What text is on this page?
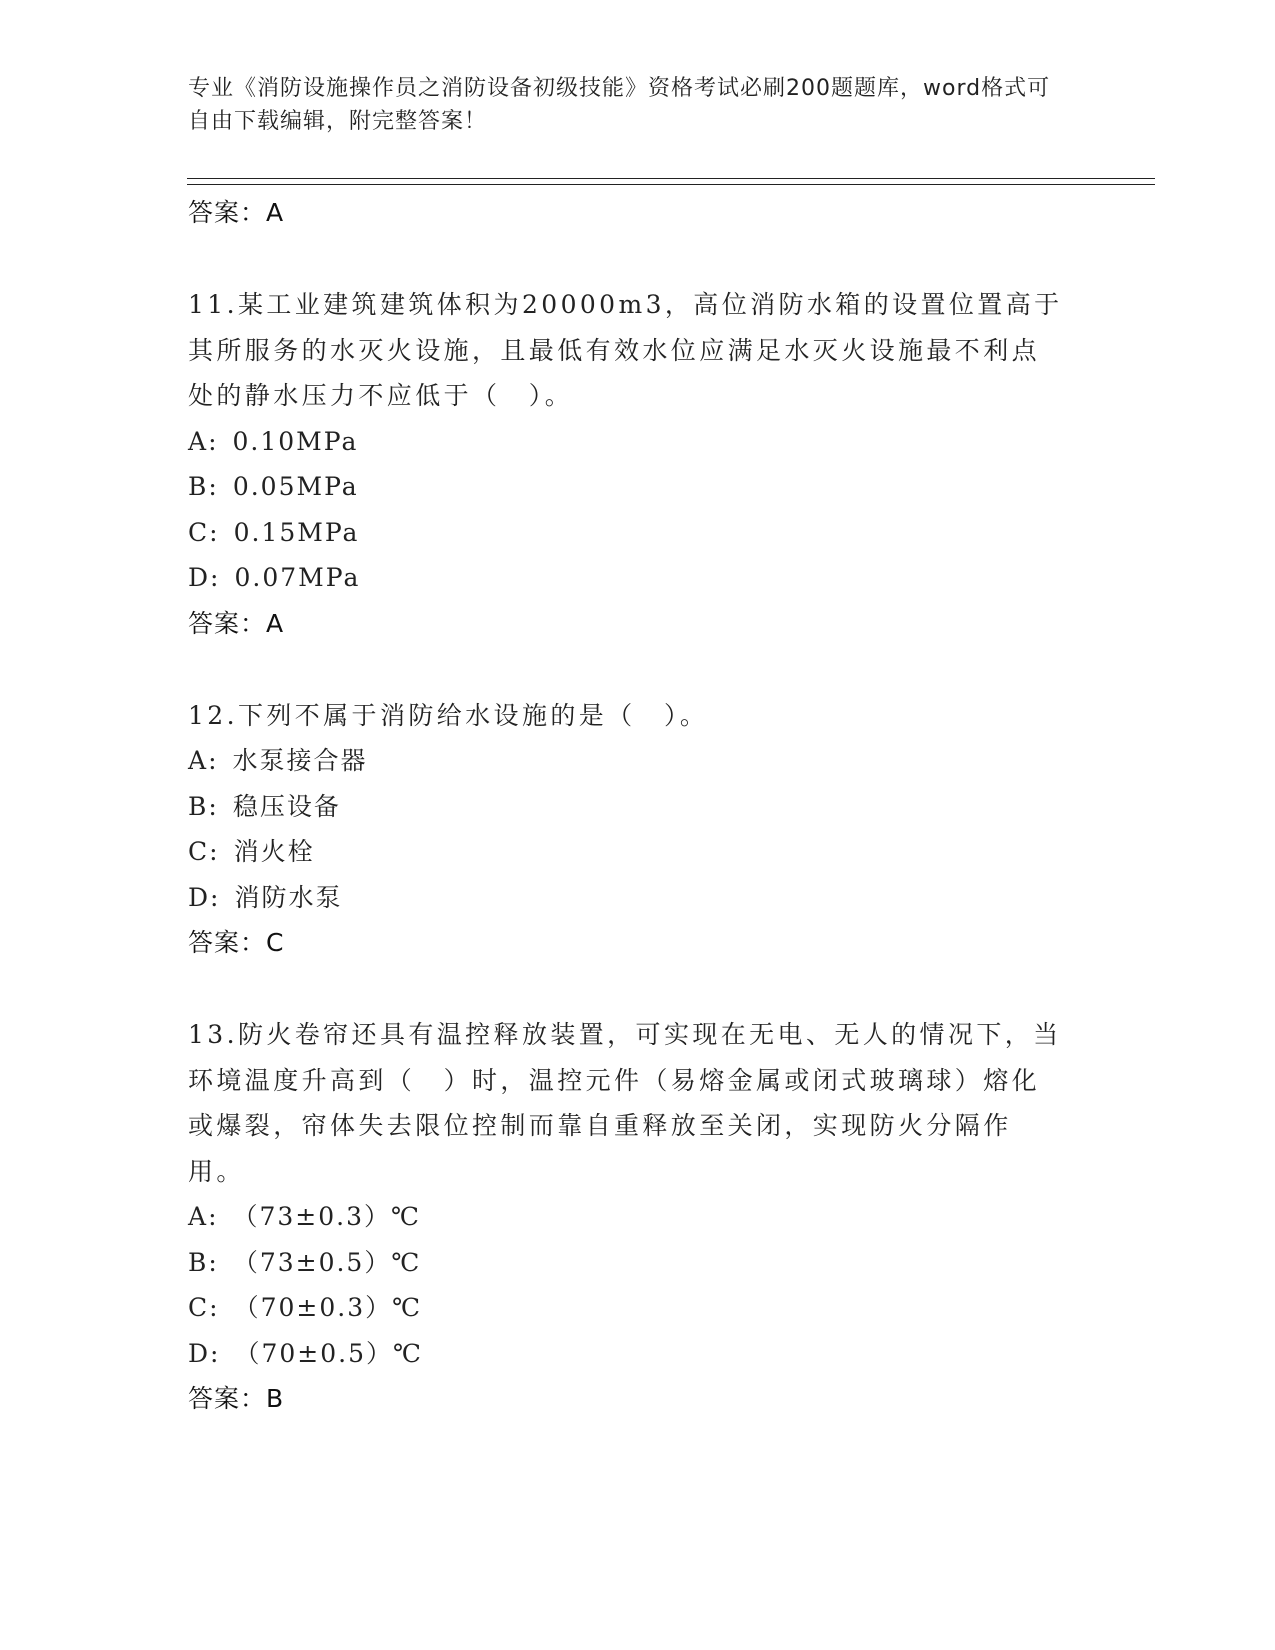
专业《消防设施操作员之消防设备初级技能》资格考试必刷200题题库，word格式可自由下载编辑，附完整答案！
答案：A
11.某工业建筑建筑体积为20000m3，高位消防水箱的设置位置高于其所服务的水灭火设施，且最低有效水位应满足水灭火设施最不利点处的静水压力不应低于（　）。
A: 0.10MPa
B: 0.05MPa
C: 0.15MPa
D: 0.07MPa
答案：A
12.下列不属于消防给水设施的是（　）。
A: 水泵接合器
B: 稳压设备
C: 消火栓
D: 消防水泵
答案：C
13.防火卷帘还具有温控释放装置，可实现在无电、无人的情况下，当环境温度升高到（　）时，温控元件（易熔金属或闭式玻璃球）熔化或爆裂，帘体失去限位控制而靠自重释放至关闭，实现防火分隔作用。
A: （73±0.3）℃
B: （73±0.5）℃
C: （70±0.3）℃
D: （70±0.5）℃
答案：B
